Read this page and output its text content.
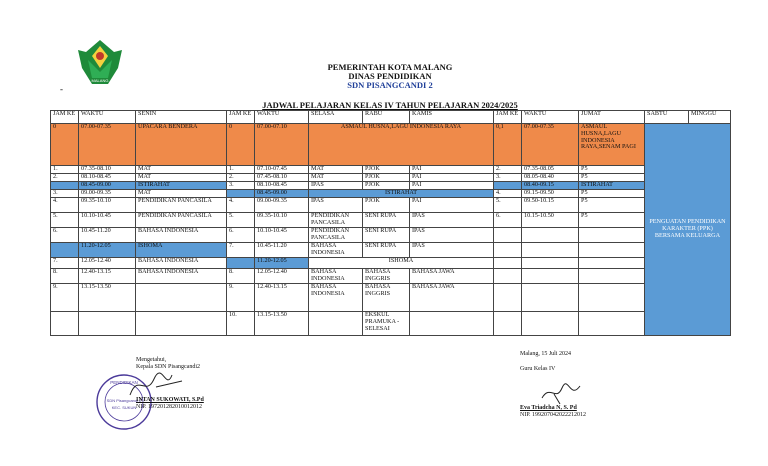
MALANG
-
PEMERINTAH KOTA MALANG
DINAS PENDIDIKAN
SDN PISANGCANDI 2
JADWAL PELAJARAN KELAS IV TAHUN PELAJARAN 2024/2025
JAM KE	WAKTU	SENIN	JAM KE	WAKTU	SELASA	RABU	KAMIS	JAM KE	WAKTU	JUMAT	SABTU	MINGGU
0	07.00-07.35	UPACARA BENDERA	0	07.00-07.10	ASMAUL HUSNA,LAGU INDONESIA RAYA			0,1	07.00-07.35	ASMAUL HUSNA,LAGU INDONESIA RAYA,SENAM PAGI	PENGUATAN PENDIDIKAN KARAKTER (PPK) BERSAMA KELUARGA	
1.	07.35-08.10	MAT	1.	07.10-07.45	MAT	PJOK	PAI	2.	07.35-08.05	P5		
2.	08.10-08.45	MAT	2.	07.45-08.10	MAT	PJOK	PAI	3.	08.05-08.40	P5		
	08.45-09.00	ISTIRAHAT	3.	08.10-08.45	IPAS	PJOK	PAI		08.40-09.15	ISTIRAHAT		
3.	09.00-09.35	MAT		08.45-09.00	ISTIRAHAT			4.	09.15-09.50	P5		
4.	09.35-10.10	PENDIDIKAN PANCASILA	4.	09.00-09.35	IPAS	PJOK	PAI	5.	09.50-10.15	P5		
5.	10.10-10.45	PENDIDIKAN PANCASILA	5.	09.35-10.10	PENDIDIKAN PANCASILA	SENI RUPA	IPAS	6.	10.15-10.50	P5		
6.	10.45-11.20	BAHASA INDONESIA	6.	10.10-10.45	PENDIDIKAN PANCASILA	SENI RUPA	IPAS					
	11.20-12.05	ISHOMA	7.	10.45-11.20	BAHASA INDONESIA	SENI RUPA	IPAS					
7.	12.05-12.40	BAHASA INDONESIA		11.20-12.05	ISHOMA							
8.	12.40-13.15	BAHASA INDONESIA	8.	12.05-12.40	BAHASA INDONESIA	BAHASA INGGRIS	BAHASA JAWA					
9.	13.15-13.50		9.	12.40-13.15	BAHASA INDONESIA	BAHASA INGGRIS	BAHASA JAWA					
			10.	13.15-13.50		EKSKUL PRAMUKA - SELESAI						
PENDIDIKAN
SDN Pisangcandi 2
KEC. SUKUN
Mengetahui,
Kepala SDN Pisangcandi2
INTAN SUKOWATI, S.Pd
NIP. 197201282010012012
Malang, 15 Juli 2024
Guru Kelas IV
Eva Triadcha N, S. Pd
NIP. 199207042022212012
